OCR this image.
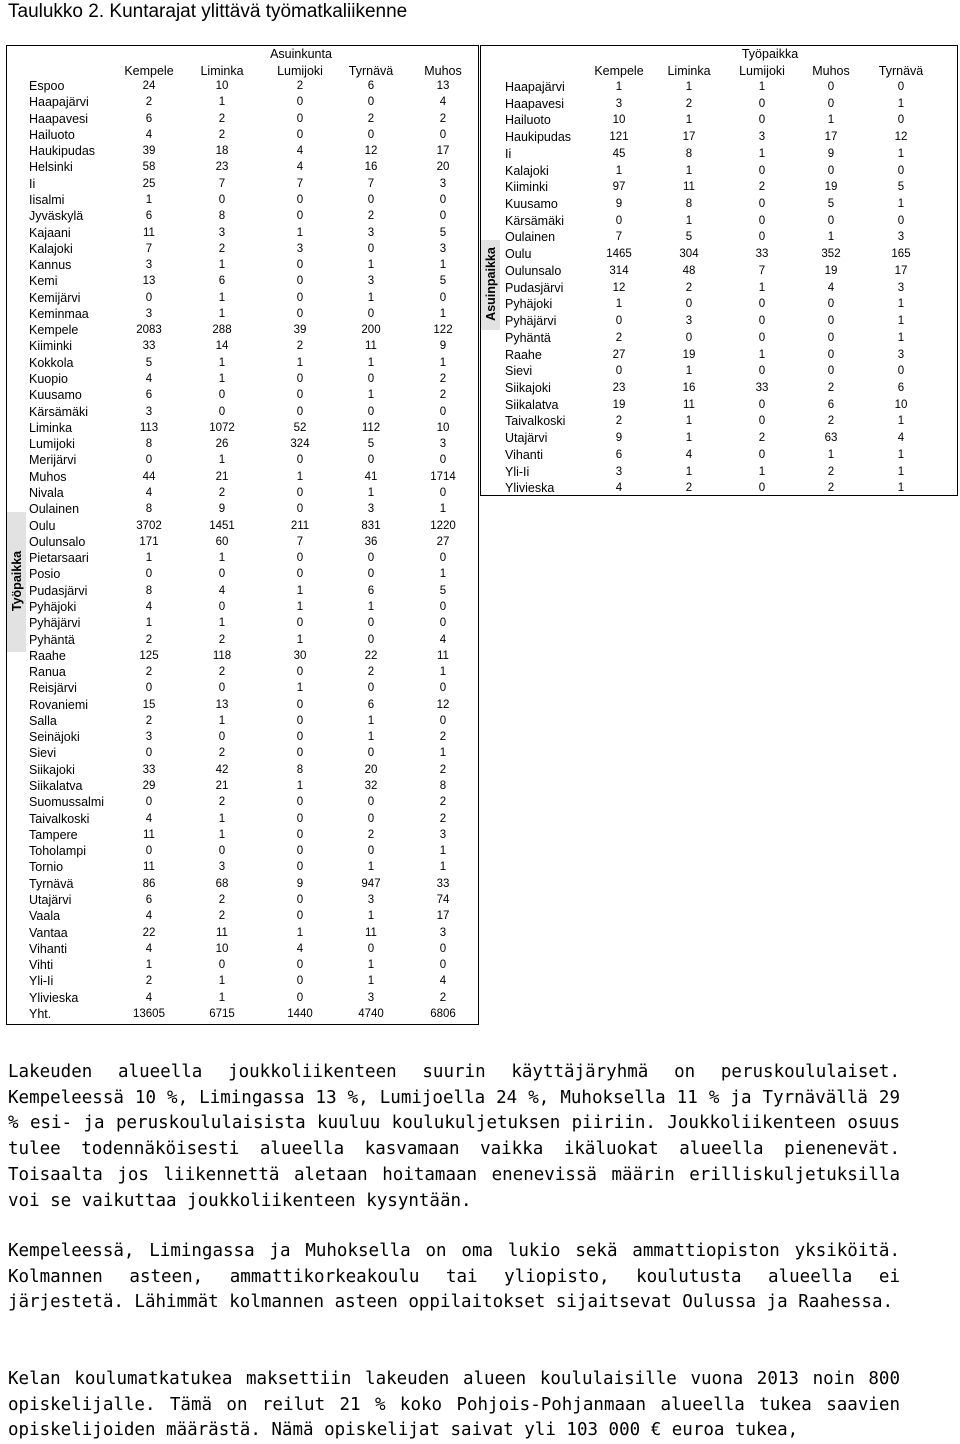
Taulukko 2. Kuntarajat ylittävä työmatkaliikenne
Työpaikka
Asuinkunta
Kempele Liminka	Lumijoki Tyrnävä Muhos
Espoo	24	10	2	6	13
Haapajärvi	2	1	0	0	4
Haapavesi	6	2	0	2	2
Hailuoto	4	2	0	0	0
Haukipudas	39	18	4	12	17
Helsinki	58	23	4	16	20
Ii	25	7	7	7	3
Iisalmi	1	0	0	0	0
Jyväskylä	6	8	0	2	0
Kajaani	11	3	1	3	5
Kalajoki	7	2	3	0	3
Kannus	3	1	0	1	1
Kemi	13	6	0	3	5
Kemijärvi	0	1	0	1	0
Keminmaa	3	1	0	0	1
Kempele	2083	288	39	200	122
Kiiminki	33	14	2	11	9
Kokkola	5	1	1	1	1
Kuopio	4	1	0	0	2
Kuusamo	6	0	0	1	2
Kärsämäki	3	0	0	0	0
Liminka	113	1072	52	112	10
Lumijoki	8	26	324	5	3
Merijärvi	0	1	0	0	0
Muhos	44	21	1	41	1714
Nivala	4	2	0	1	0
Oulainen	8	9	0	3	1
Oulu	3702	1451	211	831	1220
Oulunsalo	171	60	7	36	27
Pietarsaari	1	1	0	0	0
Posio	0	0	0	0	1
Pudasjärvi	8	4	1	6	5
Pyhäjoki	4	0	1	1	0
Pyhäjärvi	1	1	0	0	0
Pyhäntä	2	2	1	0	4
Raahe	125	118	30	22	11
Ranua	2	2	0	2	1
Reisjärvi	0	0	1	0	0
Rovaniemi	15	13	0	6	12
Salla	2	1	0	1	0
Seinäjoki	3	0	0	1	2
Sievi	0	2	0	0	1
Siikajoki	33	42	8	20	2
Siikalatva	29	21	1	32	8
Suomussalmi	0	2	0	0	2
Taivalkoski	4	1	0	0	2
Tampere	11	1	0	2	3
Toholampi	0	0	0	0	1
Tornio	11	3	0	1	1
Tyrnävä	86	68	9	947	33
Utajärvi	6	2	0	3	74
Vaala	4	2	0	1	17
Vantaa	22	11	1	11	3
Vihanti	4	10	4	0	0
Vihti	1	0	0	1	0
Yli-Ii	2	1	0	1	4
Ylivieska	4	1	0	3	2
Yht.	13605	6715	1440	4740	6806
Asuinpaikka
Työpaikka
Kempele Liminka Lumijoki Muhos Tyrnävä
Haapajärvi	1	1	1	0	0
Haapavesi	3	2	0	0	1
Hailuoto	10	1	0	1	0
Haukipudas	121	17	3	17	12
Ii	45	8	1	9	1
Kalajoki	1	1	0	0	0
Kiiminki	97	11	2	19	5
Kuusamo	9	8	0	5	1
Kärsämäki	0	1	0	0	0
Oulainen	7	5	0	1	3
Oulu	1465	304	33	352	165
Oulunsalo	314	48	7	19	17
Pudasjärvi	12	2	1	4	3
Pyhäjoki	1	0	0	0	1
Pyhäjärvi	0	3	0	0	1
Pyhäntä	2	0	0	0	1
Raahe	27	19	1	0	3
Sievi	0	1	0	0	0
Siikajoki	23	16	33	2	6
Siikalatva	19	11	0	6	10
Taivalkoski	2	1	0	2	1
Utajärvi	9	1	2	63	4
Vihanti	6	4	0	1	1
Yli-Ii	3	1	1	2	1
Ylivieska	4	2	0	2	1
Lakeuden alueella joukkoliikenteen suurin käyttäjäryhmä on peruskoululaiset. Kempeleessä 10 %, Limingassa 13 %, Lumijoella 24 %, Muhoksella 11 % ja Tyrnävällä 29 % esi- ja peruskoululaisista kuuluu koulukuljetuksen piiriin. Joukkoliikenteen osuus tulee todennäköisesti alueella kasvamaan vaikka ikäluokat alueella pienenevät. Toisaalta jos liikennettä aletaan hoitamaan enenevissä määrin erilliskuljetuksilla voi se vaikuttaa joukkoliikenteen kysyntään.
Kempeleessä, Limingassa ja Muhoksella on oma lukio sekä ammattiopiston yksiköitä. Kolmannen asteen, ammattikorkeakoulu tai yliopisto, koulutusta alueella ei järjestetä. Lähimmät kolmannen asteen oppilaitokset sijaitsevat Oulussa ja Raahessa.
Kelan koulumatkatukea maksettiin lakeuden alueen koululaisille vuona 2013 noin 800 opiskelijalle. Tämä on reilut 21 % koko Pohjois-Pohjanmaan alueella tukea saavien opiskelijoiden määrästä. Nämä opiskelijat saivat yli 103 000 € euroa tukea,
